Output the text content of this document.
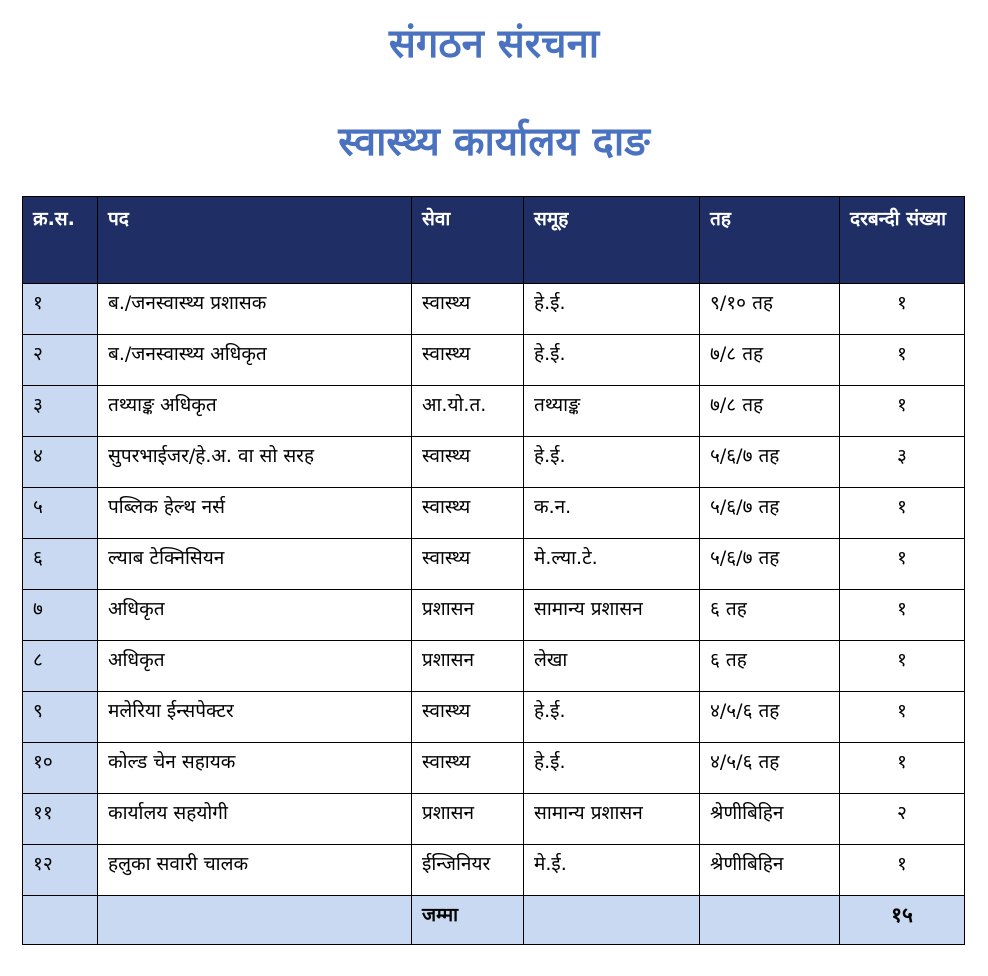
संगठन संरचना
स्वास्थ्य कार्यालय दाङ
क्र.स.	पद	सेवा	समूह	तह	दरबन्दी संख्या
१	ब./जनस्वास्थ्य प्रशासक	स्वास्थ्य	हे.ई.	९/१० तह	१
२	ब./जनस्वास्थ्य अधिकृत	स्वास्थ्य	हे.ई.	७/८ तह	१
३	तथ्याङ्क अधिकृत	आ.यो.त.	तथ्याङ्क	७/८ तह	१
४	सुपरभाईजर/हे.अ. वा सो सरह	स्वास्थ्य	हे.ई.	५/६/७ तह	३
५	पब्लिक हेल्थ नर्स	स्वास्थ्य	क.न.	५/६/७ तह	१
६	ल्याब टेक्निसियन	स्वास्थ्य	मे.ल्या.टे.	५/६/७ तह	१
७	अधिकृत	प्रशासन	सामान्य प्रशासन	६ तह	१
८	अधिकृत	प्रशासन	लेखा	६ तह	१
९	मलेरिया ईन्सपेक्टर	स्वास्थ्य	हे.ई.	४/५/६ तह	१
१०	कोल्ड चेन सहायक	स्वास्थ्य	हे.ई.	४/५/६ तह	१
११	कार्यालय सहयोगी	प्रशासन	सामान्य प्रशासन	श्रेणीबिहिन	२
१२	हलुका सवारी चालक	ईन्जिनियर	मे.ई.	श्रेणीबिहिन	१
		जम्मा			१५
